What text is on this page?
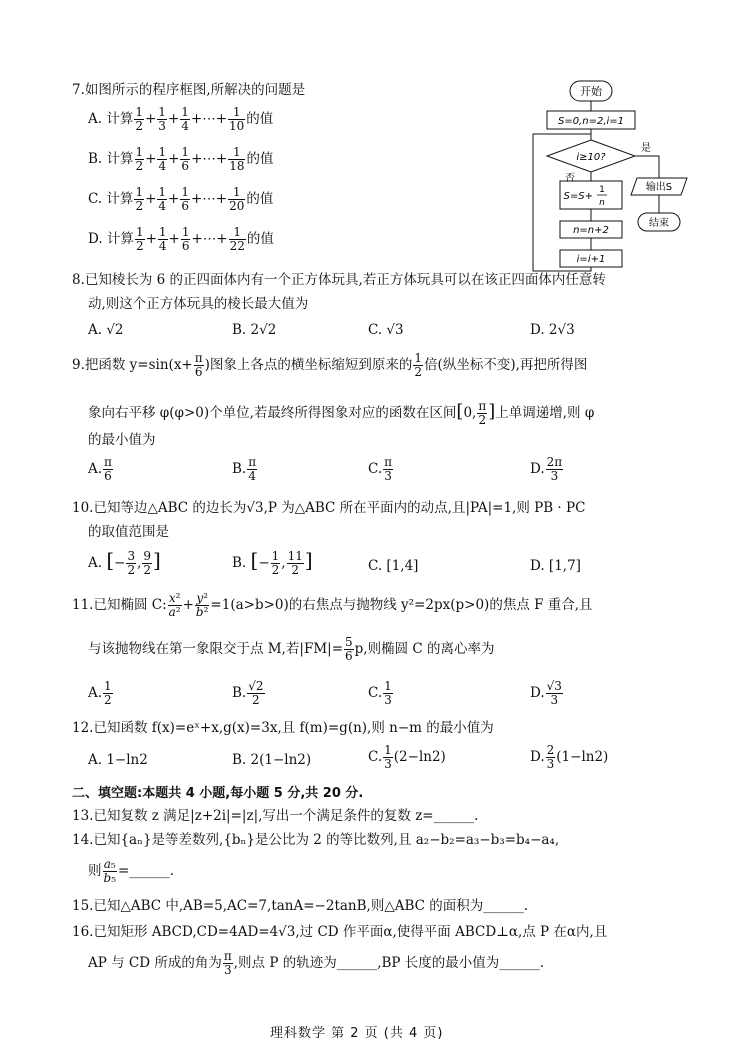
7.如图所示的程序框图,所解决的问题是
A. 计算 $\frac{1}{2} + \frac{1}{3} + \frac{1}{4}$ +⋯+ $\frac{1}{10}$ 的值
B. 计算 $\frac{1}{2} + \frac{1}{4} + \frac{1}{6}$ +⋯+ $\frac{1}{18}$ 的值
C. 计算 $\frac{1}{2} + \frac{1}{4} + \frac{1}{6}$ +⋯+ $\frac{1}{20}$ 的值
D. 计算 $\frac{1}{2} + \frac{1}{4} + \frac{1}{6}$ +⋯+ $\frac{1}{22}$ 的值
开始
S=0,n=2,i=1
i≥10?
是
否
S=S+
1
n
n=n+2
i=i+1
输出S
结束
8.已知棱长为 6 的正四面体内有一个正方体玩具,若正方体玩具可以在该正四面体内任意转
动,则这个正方体玩具的棱长最大值为
A. √2	B. 2√2	C. √3	D. 2√3
9.把函数 $y=\sin(x+ \frac{\pi}{6}$ )图象上各点的横坐标缩短到原来的 $\frac{1}{2}$ 倍(纵坐标不变),再把所得图
象向右平移 φ(φ>0)个单位,若最终所得图象对应的函数在区间[0, $\frac{\pi}{2}$ ]上单调递增,则 φ
的最小值为
A. $\frac{\pi}{6}$	B. $\frac{\pi}{4}$	C. $\frac{\pi}{3}$	D. $\frac{2\pi}{3}$
10.已知等边△ABC 的边长为√3,P 为△ABC 所在平面内的动点,且|PA|=1,则 PB · PC
的取值范围是
A. [− $\frac{3}{2}$ , $\frac{9}{2}$ ]	B. [− $\frac{1}{2}$ , $\frac{11}{2}$ ]	C. [1,4]	D. [1,7]
11.已知椭圆 C: $\frac{\text{x²}}{\text{a²}} + \frac{\text{y²}}{\text{b²}} =1(a>b>0)$的右焦点与抛物线 y²=2px(p>0)的焦点 F 重合,且
与该抛物线在第一象限交于点 M,若$|FM|= \frac{5}{6} p$,则椭圆 C 的离心率为
A. $\frac{1}{2}$	B. $\frac{√2}{2}$	C. $\frac{1}{3}$	D. $\frac{√3}{3}$
12.已知函数 f(x)=eˣ+x,g(x)=3x,且 f(m)=g(n),则 n−m 的最小值为
A. 1−ln2	B. 2(1−ln2)	C. $\frac{1}{3} (2-\ln 2)$	D. $\frac{2}{3} (1-\ln 2)$
二、填空题:本题共 4 小题,每小题 5 分,共 20 分.
13.已知复数 z 满足|z+2i|=|z|,写出一个满足条件的复数 z=______.
14.已知{aₙ}是等差数列,{bₙ}是公比为 2 的等比数列,且 a₂−b₂=a₃−b₃=b₄−a₄,
则 $\frac{\text{a₅}}{\text{b₅}}$ =______.
15.已知△ABC 中,AB=5,AC=7,tanA=−2tanB,则△ABC 的面积为______.
16.已知矩形 ABCD,CD=4AD=4√3,过 CD 作平面α,使得平面 ABCD⊥α,点 P 在α内,且
AP 与 CD 所成的角为 $\frac{\pi}{3}$ ,则点 P 的轨迹为______,BP 长度的最小值为______.
理科数学 第 2 页 (共 4 页)
